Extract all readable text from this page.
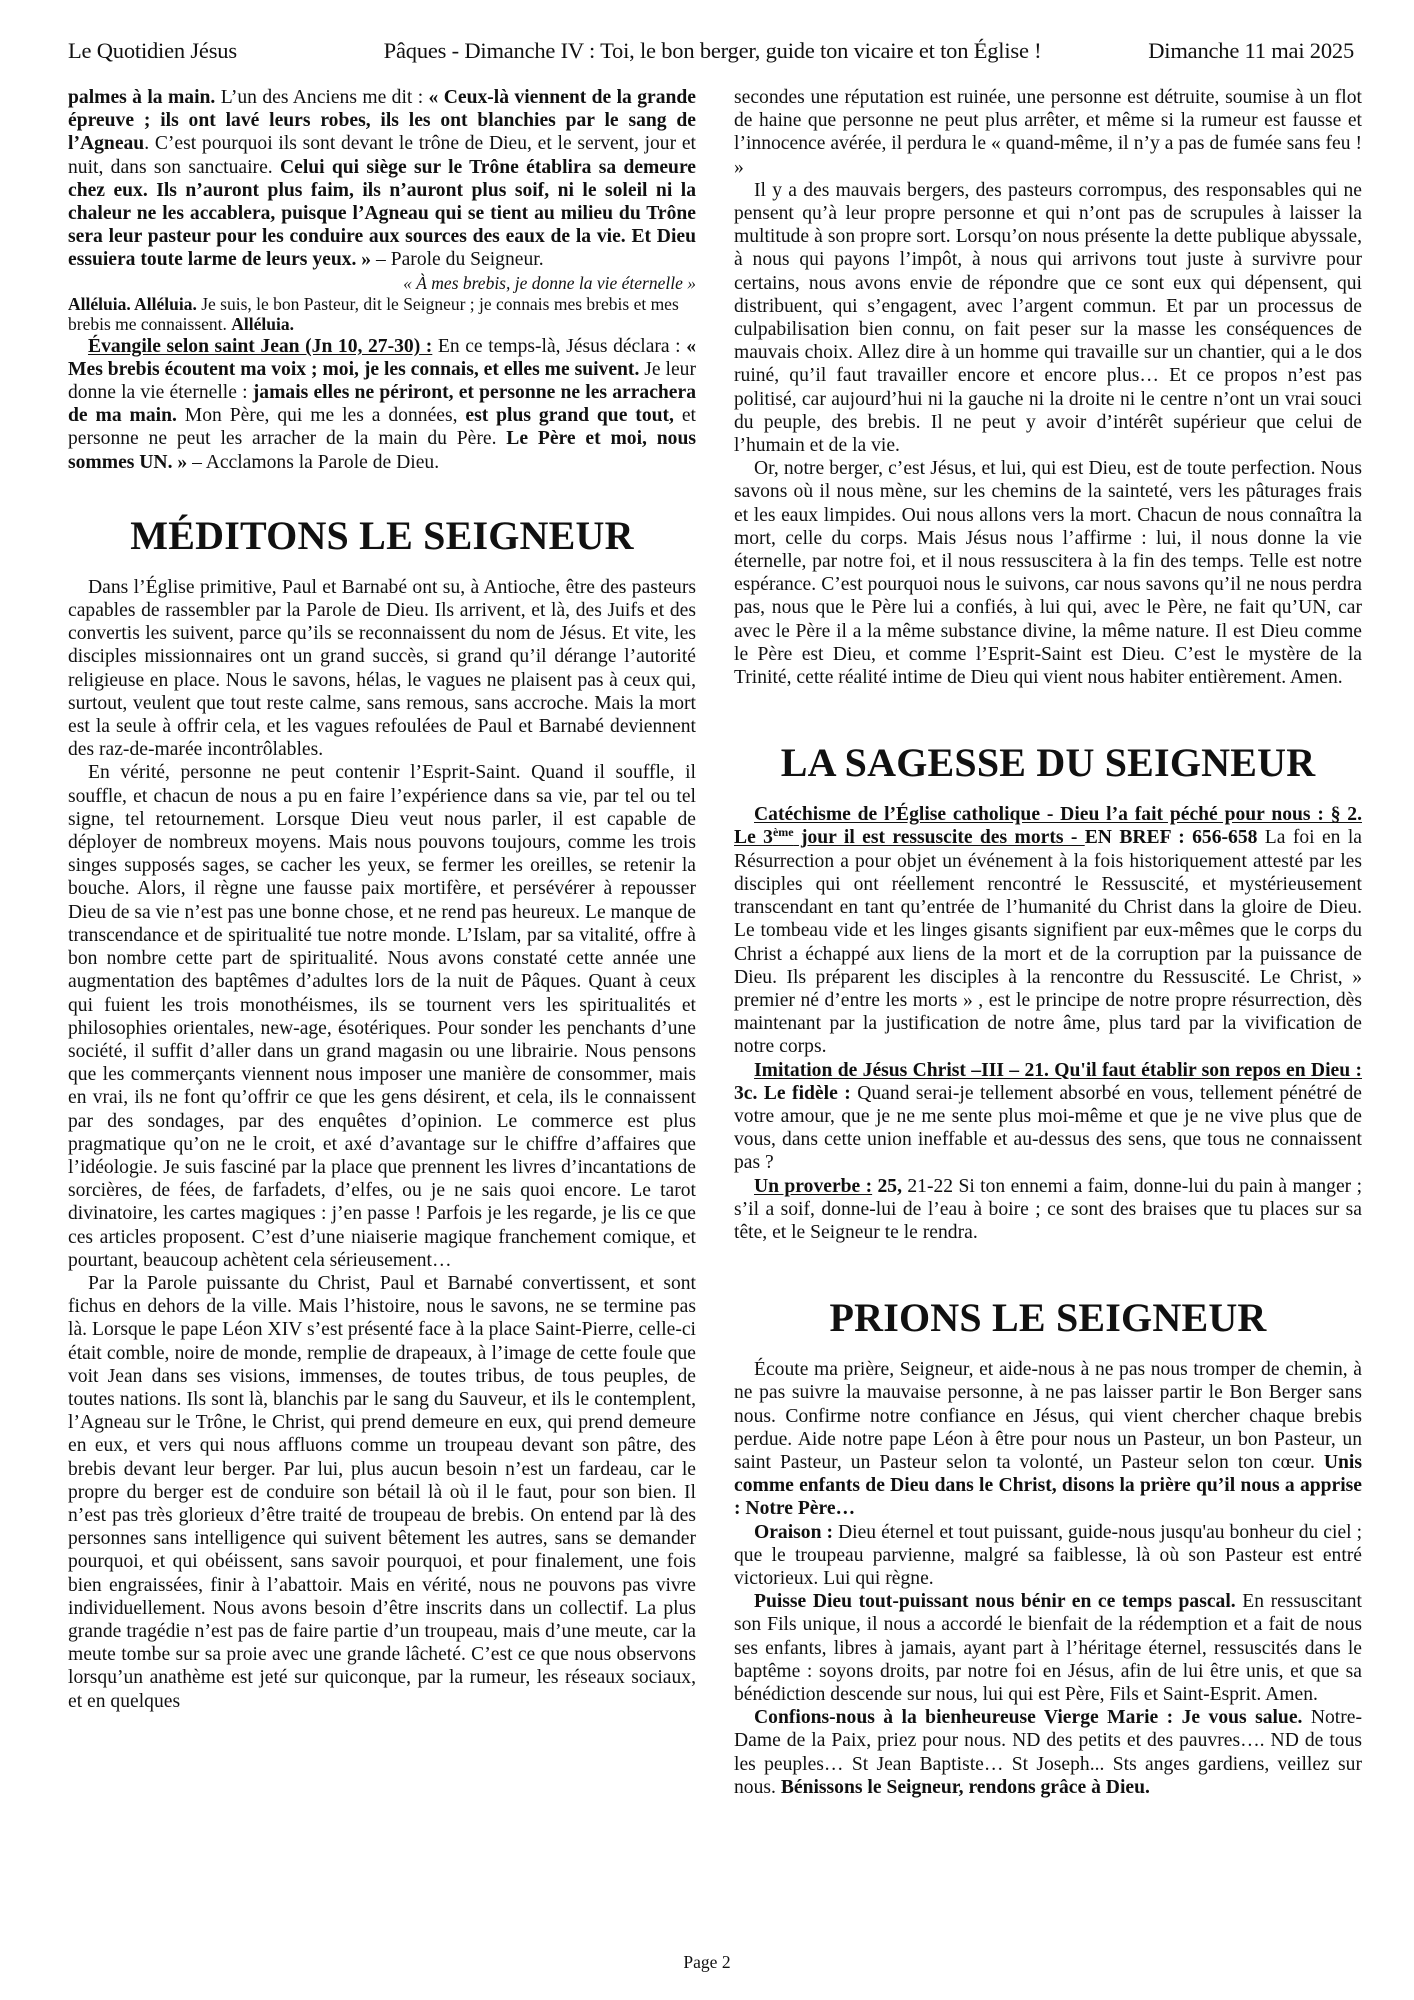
Le Quotidien Jésus	Pâques - Dimanche IV : Toi, le bon berger, guide ton vicaire et ton Église !	Dimanche 11 mai 2025

palmes à la main. L’un des Anciens me dit : « Ceux-là viennent de la grande épreuve ; ils ont lavé leurs robes, ils les ont blanchies par le sang de l’Agneau. C’est pourquoi ils sont devant le trône de Dieu, et le servent, jour et nuit, dans son sanctuaire. Celui qui siège sur le Trône établira sa demeure chez eux. Ils n’auront plus faim, ils n’auront plus soif, ni le soleil ni la chaleur ne les accablera, puisque l’Agneau qui se tient au milieu du Trône sera leur pasteur pour les conduire aux sources des eaux de la vie. Et Dieu essuiera toute larme de leurs yeux. » – Parole du Seigneur.

« À mes brebis, je donne la vie éternelle »

Alléluia. Alléluia. Je suis, le bon Pasteur, dit le Seigneur ; je connais mes brebis et mes brebis me connaissent. Alléluia.

Évangile selon saint Jean (Jn 10, 27-30) : En ce temps-là, Jésus déclara : « Mes brebis écoutent ma voix ; moi, je les connais, et elles me suivent. Je leur donne la vie éternelle : jamais elles ne périront, et personne ne les arrachera de ma main. Mon Père, qui me les a données, est plus grand que tout, et personne ne peut les arracher de la main du Père. Le Père et moi, nous sommes UN. » – Acclamons la Parole de Dieu.

MÉDITONS LE SEIGNEUR

Dans l’Église primitive, Paul et Barnabé ont su, à Antioche, être des pasteurs capables de rassembler par la Parole de Dieu. Ils arrivent, et là, des Juifs et des convertis les suivent, parce qu’ils se reconnaissent du nom de Jésus. Et vite, les disciples missionnaires ont un grand succès, si grand qu’il dérange l’autorité religieuse en place. Nous le savons, hélas, le vagues ne plaisent pas à ceux qui, surtout, veulent que tout reste calme, sans remous, sans accroche. Mais la mort est la seule à offrir cela, et les vagues refoulées de Paul et Barnabé deviennent des raz-de-marée incontrôlables.

En vérité, personne ne peut contenir l’Esprit-Saint. Quand il souffle, il souffle, et chacun de nous a pu en faire l’expérience dans sa vie, par tel ou tel signe, tel retournement. Lorsque Dieu veut nous parler, il est capable de déployer de nombreux moyens. Mais nous pouvons toujours, comme les trois singes supposés sages, se cacher les yeux, se fermer les oreilles, se retenir la bouche. Alors, il règne une fausse paix mortifère, et persévérer à repousser Dieu de sa vie n’est pas une bonne chose, et ne rend pas heureux. Le manque de transcendance et de spiritualité tue notre monde. L’Islam, par sa vitalité, offre à bon nombre cette part de spiritualité. Nous avons constaté cette année une augmentation des baptêmes d’adultes lors de la nuit de Pâques. Quant à ceux qui fuient les trois monothéismes, ils se tournent vers les spiritualités et philosophies orientales, new-age, ésotériques. Pour sonder les penchants d’une société, il suffit d’aller dans un grand magasin ou une librairie. Nous pensons que les commerçants viennent nous imposer une manière de consommer, mais en vrai, ils ne font qu’offrir ce que les gens désirent, et cela, ils le connaissent par des sondages, par des enquêtes d’opinion. Le commerce est plus pragmatique qu’on ne le croit, et axé d’avantage sur le chiffre d’affaires que l’idéologie. Je suis fasciné par la place que prennent les livres d’incantations de sorcières, de fées, de farfadets, d’elfes, ou je ne sais quoi encore. Le tarot divinatoire, les cartes magiques : j’en passe ! Parfois je les regarde, je lis ce que ces articles proposent. C’est d’une niaiserie magique franchement comique, et pourtant, beaucoup achètent cela sérieusement…

Par la Parole puissante du Christ, Paul et Barnabé convertissent, et sont fichus en dehors de la ville. Mais l’histoire, nous le savons, ne se termine pas là. Lorsque le pape Léon XIV s’est présenté face à la place Saint-Pierre, celle-ci était comble, noire de monde, remplie de drapeaux, à l’image de cette foule que voit Jean dans ses visions, immenses, de toutes tribus, de tous peuples, de toutes nations. Ils sont là, blanchis par le sang du Sauveur, et ils le contemplent, l’Agneau sur le Trône, le Christ, qui prend demeure en eux, qui prend demeure en eux, et vers qui nous affluons comme un troupeau devant son pâtre, des brebis devant leur berger. Par lui, plus aucun besoin n’est un fardeau, car le propre du berger est de conduire son bétail là où il le faut, pour son bien. Il n’est pas très glorieux d’être traité de troupeau de brebis. On entend par là des personnes sans intelligence qui suivent bêtement les autres, sans se demander pourquoi, et qui obéissent, sans savoir pourquoi, et pour finalement, une fois bien engraissées, finir à l’abattoir. Mais en vérité, nous ne pouvons pas vivre individuellement. Nous avons besoin d’être inscrits dans un collectif. La plus grande tragédie n’est pas de faire partie d’un troupeau, mais d’une meute, car la meute tombe sur sa proie avec une grande lâcheté. C’est ce que nous observons lorsqu’un anathème est jeté sur quiconque, par la rumeur, les réseaux sociaux, et en quelques

secondes une réputation est ruinée, une personne est détruite, soumise à un flot de haine que personne ne peut plus arrêter, et même si la rumeur est fausse et l’innocence avérée, il perdura le « quand-même, il n’y a pas de fumée sans feu ! »

Il y a des mauvais bergers, des pasteurs corrompus, des responsables qui ne pensent qu’à leur propre personne et qui n’ont pas de scrupules à laisser la multitude à son propre sort. Lorsqu’on nous présente la dette publique abyssale, à nous qui payons l’impôt, à nous qui arrivons tout juste à survivre pour certains, nous avons envie de répondre que ce sont eux qui dépensent, qui distribuent, qui s’engagent, avec l’argent commun. Et par un processus de culpabilisation bien connu, on fait peser sur la masse les conséquences de mauvais choix. Allez dire à un homme qui travaille sur un chantier, qui a le dos ruiné, qu’il faut travailler encore et encore plus… Et ce propos n’est pas politisé, car aujourd’hui ni la gauche ni la droite ni le centre n’ont un vrai souci du peuple, des brebis. Il ne peut y avoir d’intérêt supérieur que celui de l’humain et de la vie.

Or, notre berger, c’est Jésus, et lui, qui est Dieu, est de toute perfection. Nous savons où il nous mène, sur les chemins de la sainteté, vers les pâturages frais et les eaux limpides. Oui nous allons vers la mort. Chacun de nous connaîtra la mort, celle du corps. Mais Jésus nous l’affirme : lui, il nous donne la vie éternelle, par notre foi, et il nous ressuscitera à la fin des temps. Telle est notre espérance. C’est pourquoi nous le suivons, car nous savons qu’il ne nous perdra pas, nous que le Père lui a confiés, à lui qui, avec le Père, ne fait qu’UN, car avec le Père il a la même substance divine, la même nature. Il est Dieu comme le Père est Dieu, et comme l’Esprit-Saint est Dieu. C’est le mystère de la Trinité, cette réalité intime de Dieu qui vient nous habiter entièrement. Amen.

LA SAGESSE DU SEIGNEUR

Catéchisme de l’Église catholique - Dieu l’a fait péché pour nous : § 2. Le 3ème jour il est ressuscite des morts - EN BREF : 656-658 La foi en la Résurrection a pour objet un événement à la fois historiquement attesté par les disciples qui ont réellement rencontré le Ressuscité, et mystérieusement transcendant en tant qu’entrée de l’humanité du Christ dans la gloire de Dieu. Le tombeau vide et les linges gisants signifient par eux-mêmes que le corps du Christ a échappé aux liens de la mort et de la corruption par la puissance de Dieu. Ils préparent les disciples à la rencontre du Ressuscité. Le Christ, » premier né d’entre les morts » , est le principe de notre propre résurrection, dès maintenant par la justification de notre âme, plus tard par la vivification de notre corps.

Imitation de Jésus Christ –III – 21. Qu'il faut établir son repos en Dieu : 3c. Le fidèle : Quand serai-je tellement absorbé en vous, tellement pénétré de votre amour, que je ne me sente plus moi-même et que je ne vive plus que de vous, dans cette union ineffable et au-dessus des sens, que tous ne connaissent pas ?

Un proverbe : 25, 21-22 Si ton ennemi a faim, donne-lui du pain à manger ; s’il a soif, donne-lui de l’eau à boire ; ce sont des braises que tu places sur sa tête, et le Seigneur te le rendra.

PRIONS LE SEIGNEUR

Écoute ma prière, Seigneur, et aide-nous à ne pas nous tromper de chemin, à ne pas suivre la mauvaise personne, à ne pas laisser partir le Bon Berger sans nous. Confirme notre confiance en Jésus, qui vient chercher chaque brebis perdue. Aide notre pape Léon à être pour nous un Pasteur, un bon Pasteur, un saint Pasteur, un Pasteur selon ta volonté, un Pasteur selon ton cœur. Unis comme enfants de Dieu dans le Christ, disons la prière qu’il nous a apprise : Notre Père…

Oraison : Dieu éternel et tout puissant, guide-nous jusqu'au bonheur du ciel ; que le troupeau parvienne, malgré sa faiblesse, là où son Pasteur est entré victorieux. Lui qui règne.

Puisse Dieu tout-puissant nous bénir en ce temps pascal. En ressuscitant son Fils unique, il nous a accordé le bienfait de la rédemption et a fait de nous ses enfants, libres à jamais, ayant part à l’héritage éternel, ressuscités dans le baptême : soyons droits, par notre foi en Jésus, afin de lui être unis, et que sa bénédiction descende sur nous, lui qui est Père, Fils et Saint-Esprit. Amen.

Confions-nous à la bienheureuse Vierge Marie : Je vous salue. Notre-Dame de la Paix, priez pour nous. ND des petits et des pauvres…. ND de tous les peuples… St Jean Baptiste… St Joseph... Sts anges gardiens, veillez sur nous. Bénissons le Seigneur, rendons grâce à Dieu.

Page 2
